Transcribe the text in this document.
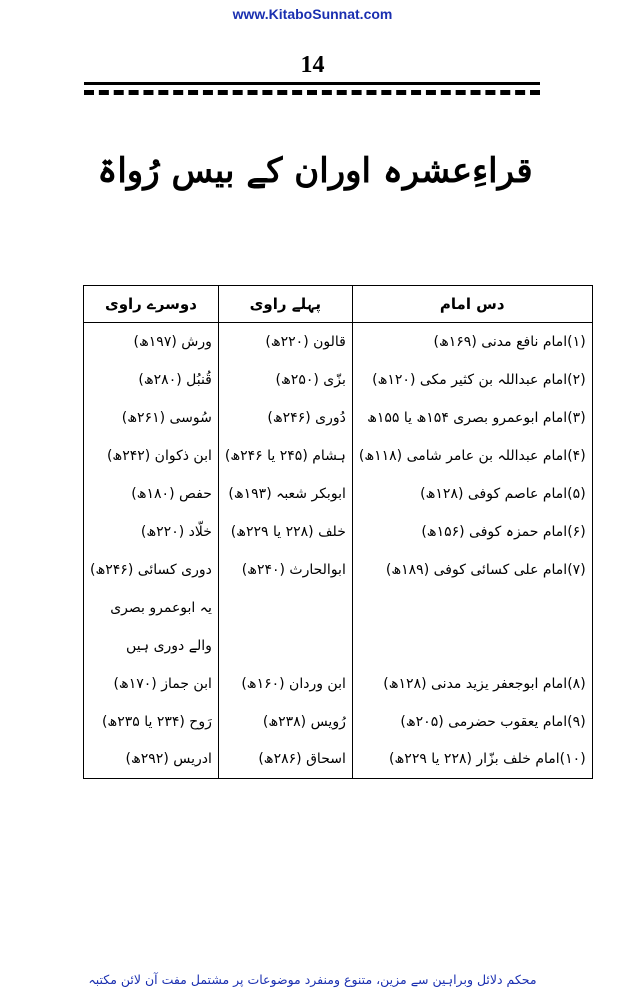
www.KitaboSunnat.com
14
قراءِعشرہ اوران کے بیس رُواۃ
دس امام	پہلے راوی	دوسرے راوی
(۱)امام نافع مدنی (۱۶۹ھ)	قالون (۲۲۰ھ)	ورش (۱۹۷ھ)
(۲)امام عبداللہ بن کثیر مکی (۱۲۰ھ)	بزّی (۲۵۰ھ)	قُنبُل (۲۸۰ھ)
(۳)امام ابوعمرو بصری ۱۵۴ھ یا ۱۵۵ھ	دُوری (۲۴۶ھ)	سُوسی (۲۶۱ھ)
(۴)امام عبداللہ بن عامر شامی (۱۱۸ھ)	ہشام (۲۴۵ یا ۲۴۶ھ)	ابن ذکوان (۲۴۲ھ)
(۵)امام عاصم کوفی (۱۲۸ھ)	ابوبکر شعبہ (۱۹۳ھ)	حفص (۱۸۰ھ)
(۶)امام حمزہ کوفی (۱۵۶ھ)	خلف (۲۲۸ یا ۲۲۹ھ)	خلّاد (۲۲۰ھ)
(۷)امام علی کسائی کوفی (۱۸۹ھ)	ابوالحارث (۲۴۰ھ)	دوری کسائی (۲۴۶ھ)
		یہ ابوعمرو بصری والے دوری ہیں
(۸)امام ابوجعفر یزید مدنی (۱۲۸ھ)	ابن وردان (۱۶۰ھ)	ابن جماز (۱۷۰ھ)
(۹)امام یعقوب حضرمی (۲۰۵ھ)	رُویس (۲۳۸ھ)	رَوح (۲۳۴ یا ۲۳۵ھ)
(۱۰)امام خلف بزّار (۲۲۸ یا ۲۲۹ھ)	اسحاق (۲۸۶ھ)	ادریس (۲۹۲ھ)
محکم دلائل وبراہین سے مزین، متنوع ومنفرد موضوعات پر مشتمل مفت آن لائن مکتبہ
